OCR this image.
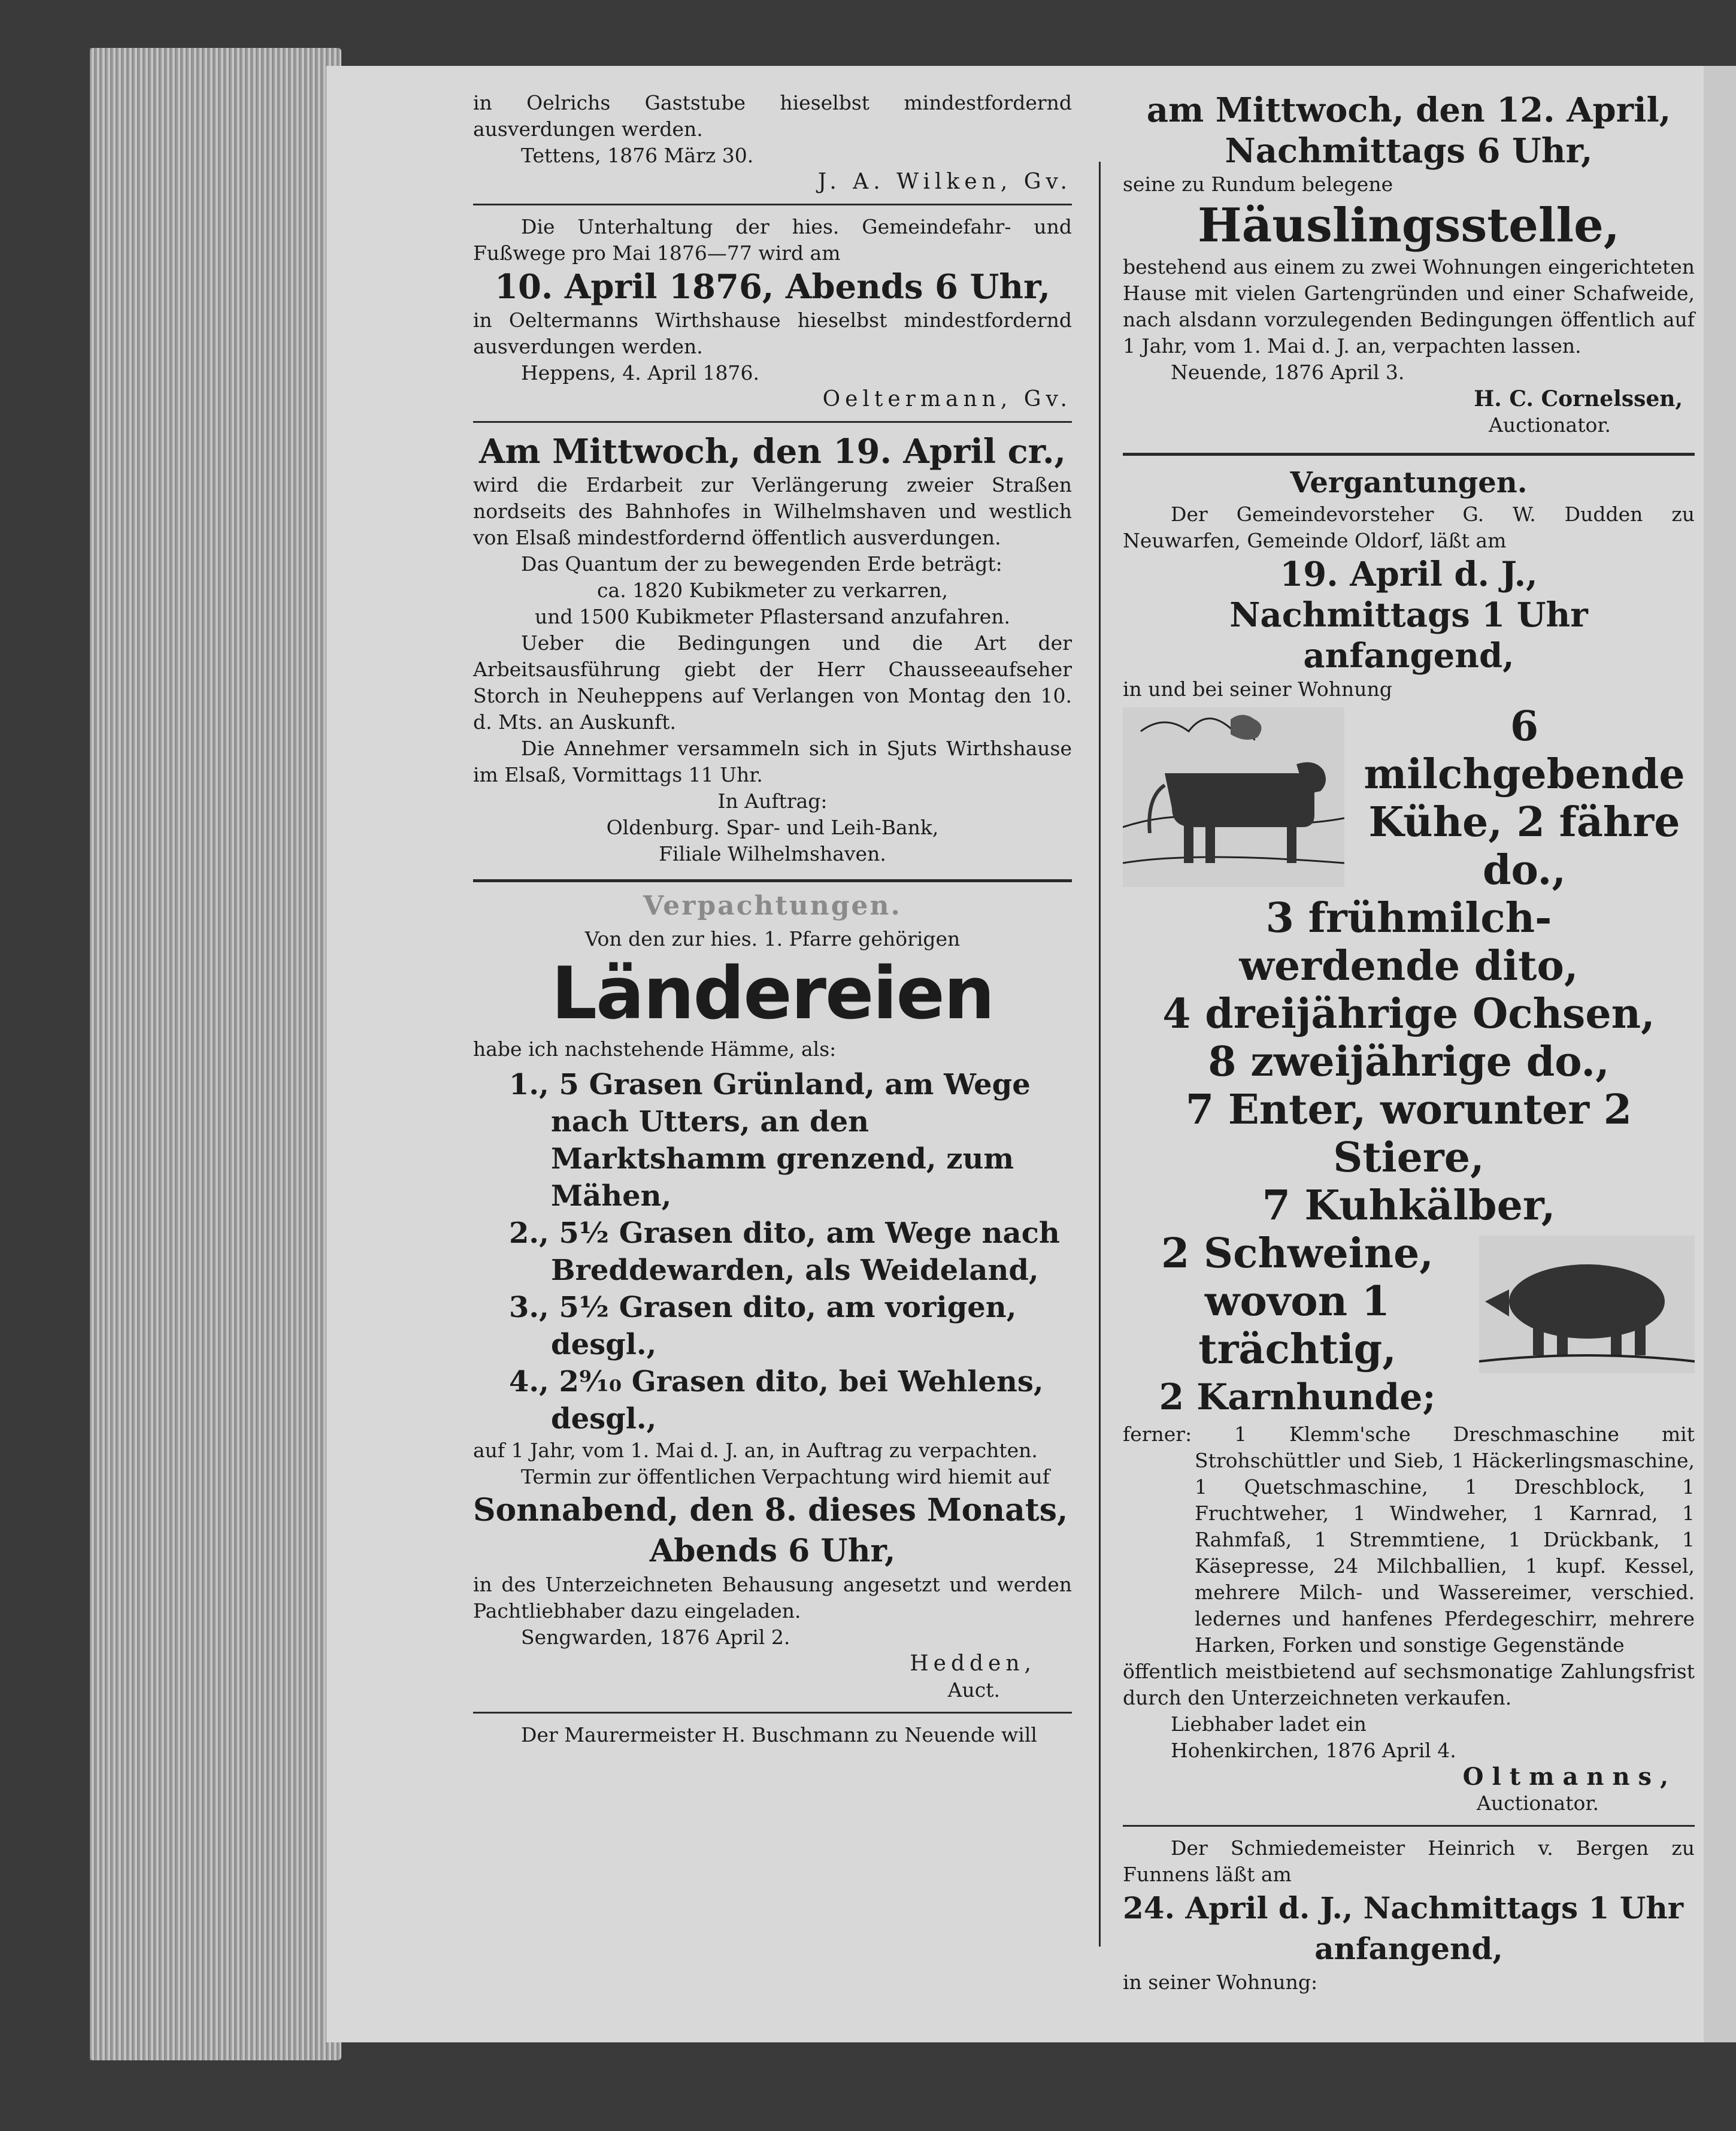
in Oelrichs Gaststube hieselbst mindestfordernd ausverdungen werden.

Tettens, 1876 März 30.

J. A. Wilken, Gv.

Die Unterhaltung der hies. Gemeindefahr- und Fußwege pro Mai 1876—77 wird am

10. April 1876, Abends 6 Uhr,

in Oeltermanns Wirthshause hieselbst mindestfordernd ausverdungen werden.

Heppens, 4. April 1876.

Oeltermann, Gv.

Am Mittwoch, den 19. April cr.,

wird die Erdarbeit zur Verlängerung zweier Straßen nordseits des Bahnhofes in Wilhelmshaven und westlich von Elsaß mindestfordernd öffentlich ausverdungen.

Das Quantum der zu bewegenden Erde beträgt:

ca. 1820 Kubikmeter zu verkarren,

und 1500 Kubikmeter Pflastersand anzufahren.

Ueber die Bedingungen und die Art der Arbeitsausführung giebt der Herr Chausseeaufseher Storch in Neuheppens auf Verlangen von Montag den 10. d. Mts. an Auskunft.

Die Annehmer versammeln sich in Sjuts Wirthshause im Elsaß, Vormittags 11 Uhr.

In Auftrag:

Oldenburg. Spar- und Leih-Bank,

Filiale Wilhelmshaven.

Verpachtungen.

Von den zur hies. 1. Pfarre gehörigen

Ländereien

habe ich nachstehende Hämme, als:

1., 5 Grasen Grünland, am Wege nach Utters, an den Marktshamm grenzend, zum Mähen,

2., 5½ Grasen dito, am Wege nach Breddewarden, als Weideland,

3., 5½ Grasen dito, am vorigen, desgl.,

4., 2⁹⁄₁₀ Grasen dito, bei Wehlens, desgl.,

auf 1 Jahr, vom 1. Mai d. J. an, in Auftrag zu verpachten.

Termin zur öffentlichen Verpachtung wird hiemit auf

Sonnabend, den 8. dieses Monats,

Abends 6 Uhr,

in des Unterzeichneten Behausung angesetzt und werden Pachtliebhaber dazu eingeladen.

Sengwarden, 1876 April 2.

Hedden,

Auct.

Der Maurermeister H. Buschmann zu Neuende will

am Mittwoch, den 12. April,

Nachmittags 6 Uhr,

seine zu Rundum belegene

Häuslingsstelle,

bestehend aus einem zu zwei Wohnungen eingerichteten Hause mit vielen Gartengründen und einer Schafweide, nach alsdann vorzulegenden Bedingungen öffentlich auf 1 Jahr, vom 1. Mai d. J. an, verpachten lassen.

Neuende, 1876 April 3.

H. C. Cornelssen,

Auctionator.

Vergantungen.

Der Gemeindevorsteher G. W. Dudden zu Neuwarfen, Gemeinde Oldorf, läßt am

19. April d. J.,

Nachmittags 1 Uhr anfangend,

in und bei seiner Wohnung

6 milchgebende

Kühe, 2 fähre do.,

3 frühmilch-

werdende dito,

4 dreijährige Ochsen,

8 zweijährige do.,

7 Enter, worunter 2 Stiere,

7 Kuhkälber,

2 Schweine,

wovon 1 trächtig,

2 Karnhunde;

ferner: 1 Klemm'sche Dreschmaschine mit Strohschüttler und Sieb, 1 Häckerlingsmaschine, 1 Quetschmaschine, 1 Dreschblock, 1 Fruchtweher, 1 Windweher, 1 Karnrad, 1 Rahmfaß, 1 Stremmtiene, 1 Drückbank, 1 Käsepresse, 24 Milchballien, 1 kupf. Kessel, mehrere Milch- und Wassereimer, verschied. ledernes und hanfenes Pferdegeschirr, mehrere Harken, Forken und sonstige Gegenstände

öffentlich meistbietend auf sechsmonatige Zahlungsfrist durch den Unterzeichneten verkaufen.

Liebhaber ladet ein

Hohenkirchen, 1876 April 4.

Oltmanns,

Auctionator.

Der Schmiedemeister Heinrich v. Bergen zu Funnens läßt am

24. April d. J., Nachmittags 1 Uhr

anfangend,

in seiner Wohnung:
